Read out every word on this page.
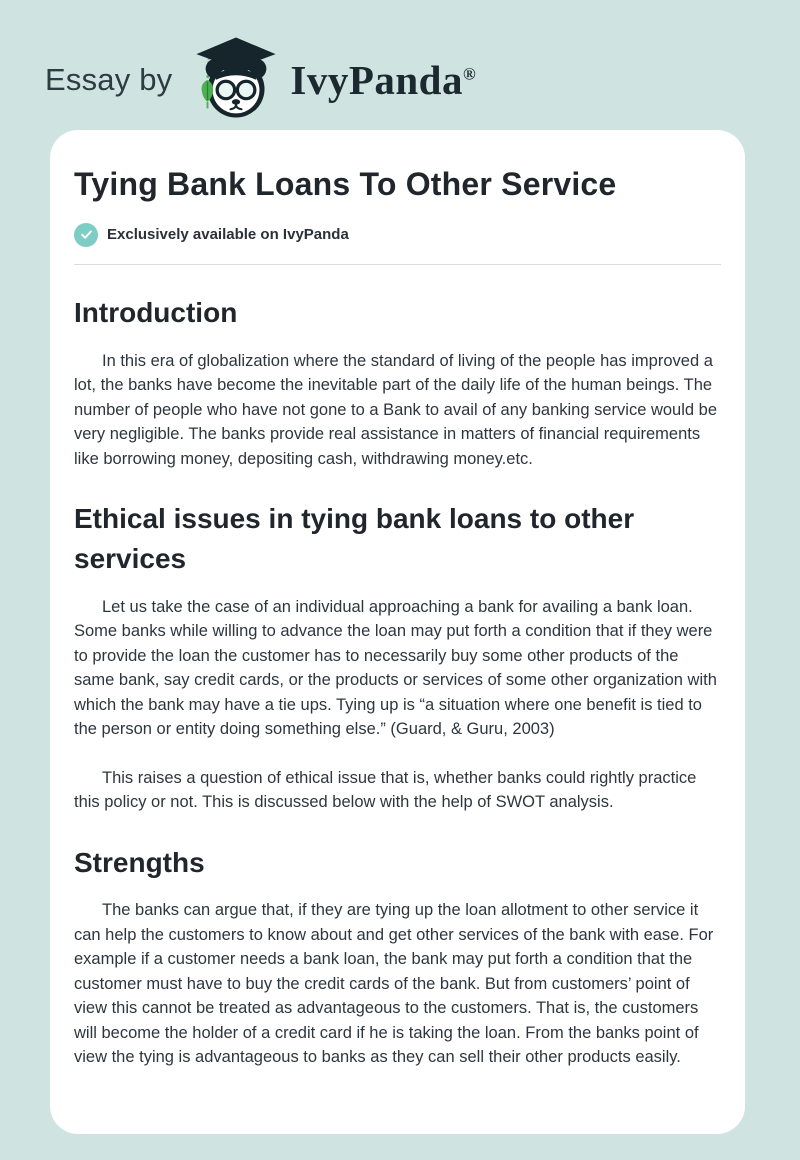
Essay by	IvyPanda®
Tying Bank Loans To Other Service
Exclusively available on IvyPanda
Introduction

In this era of globalization where the standard of living of the people has improved a lot, the banks have become the inevitable part of the daily life of the human beings. The number of people who have not gone to a Bank to avail of any banking service would be very negligible. The banks provide real assistance in matters of financial requirements like borrowing money, depositing cash, withdrawing money.etc.

Ethical issues in tying bank loans to other services

Let us take the case of an individual approaching a bank for availing a bank loan. Some banks while willing to advance the loan may put forth a condition that if they were to provide the loan the customer has to necessarily buy some other products of the same bank, say credit cards, or the products or services of some other organization with which the bank may have a tie ups. Tying up is “a situation where one benefit is tied to the person or entity doing something else.” (Guard, & Guru, 2003)

This raises a question of ethical issue that is, whether banks could rightly practice this policy or not. This is discussed below with the help of SWOT analysis.

Strengths

The banks can argue that, if they are tying up the loan allotment to other service it can help the customers to know about and get other services of the bank with ease. For example if a customer needs a bank loan, the bank may put forth a condition that the customer must have to buy the credit cards of the bank. But from customers’ point of view this cannot be treated as advantageous to the customers. That is, the customers will become the holder of a credit card if he is taking the loan. From the banks point of view the tying is advantageous to banks as they can sell their other products easily.
